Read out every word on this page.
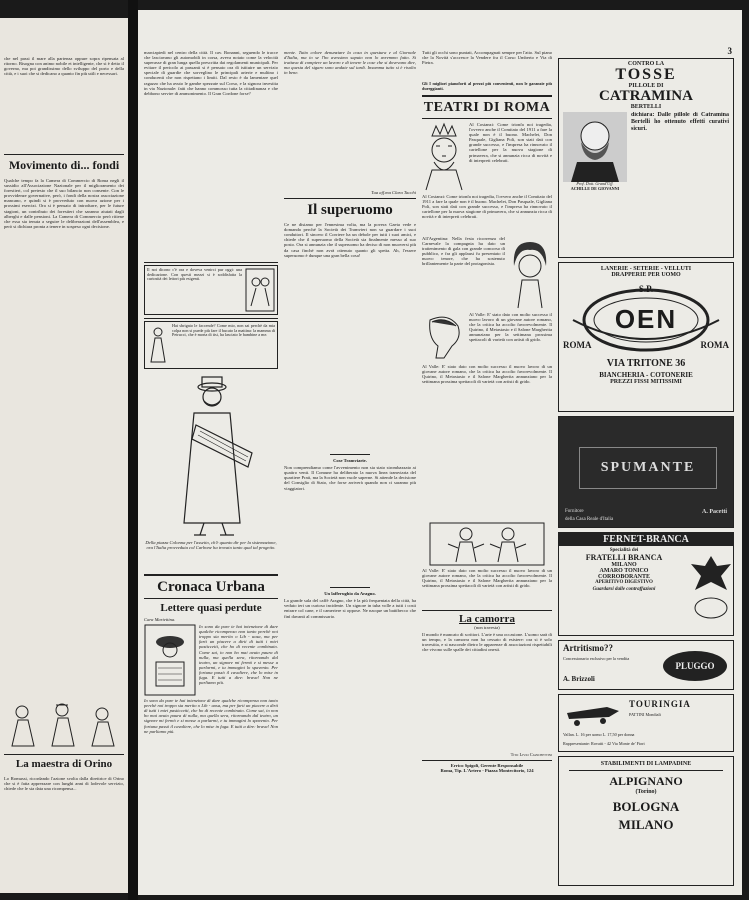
che nel passi il mare alla partenza oppure sopra ripensata al ritorno. Bisogna con animo nobile et intelligente, che si è detto il governo, ma poi grandissimo dello sviluppo del porto e della città, e i suoi che si dedicano a quanto fin più utili e necessari.
Movimento di... fondi
Qualche tempo fa la Camera di Commercio di Roma negli il sussidio all'Associazione Nazionale per il miglioramento dei forestieri, col pretesto che il suo bilancio non consente. Con le provvidenze governative, però, i fondi della nostra associazione mancano, e quindi si è provveduto con nuova azione per i prossimi esercizi. Ora si è pensato di introdurre, per le future stagioni, un contributo dei forestieri che saranno aiutati dagli alberghi e dalle pensioni. La Camera di Commercio però ritiene che essa sia tenuta a seguire le deliberazioni dell'assemblea, e però si dichiara pronta a tenere in sospeso ogni decisione.
La maestra di Orino
Lo Romussi, ricordando l'azione svolta dalla direttrice di Orino che si è fatta apprezzare con lunghi anni di lodevole servizio, chiede che le sia data una ricompensa...
3
marciapiedi nel centro della città. Il cav. Bonanni, seguendo le tracce che lasciavano gli automobili in corsa, aveva notato come la velocità superasse di gran lunga quella prescritta dai regolamenti municipali. Per evitare il pericolo ai passanti si è pensato ora di istituire un servizio speciale di guardie che sorveglino le principali arterie e multino i conducenti che non rispettano i limiti. Dal resto è da lamentare quel ragazzo che ha avuto le gambe spezzate sul Corso, e la signora investita in via Nazionale: fatti che hanno commosso tutta la cittadinanza e che debbono servire di ammonimento. Il Gran Cordone forse?
Il noi dicono c'è ora e doveva venirci pur oggi: una dedicazione. Con questi mezzi si è soddisfatta la curiosità dei lettori più esigenti.
Hai sbrigato le faccende? Come mio, non sai perchè da mia colpa non si puede più fare il bucato la mattina: la mamma di Petrucci, che è morta di tisi, ha lasciato le bambine a me.
Della piazza Colonna per l'assetto, ch'è quanto dir per la sistemazione, ora l'Italia provveduta col Carbone ha trovato tanto qual tal progetto.
Cronaca Urbana
Lettere quasi perdute
Cara Mariettina.
Io sono da pure te hai intenzione di dare qualche ricompenso non tanto perchè noi troppo sia merito o Lib - uosa, ma per farti un piacere a dirti di tutti i miei pasticcetti, che ho di recente combinato. Come sai, io non ho mai avuto paura di nulla, ma quella sera, ritornando dal teatro, un signore mi fermò e si messe a parlarmi, e tu immagini lo spavento. Per fortuna passò il cavaliere, che lo mise in fuga. E tutti a dire: brava! Non ne parliamo più.
Io sono da pure te hai intenzione di dare qualche ricompenso non tanto perchè noi troppo sia merito o Lib - uosa, ma per farti un piacere a dirti di tutti i miei pasticcetti, che ho di recente combinato. Come sai, io non ho mai avuto paura di nulla, ma quella sera, ritornando dal teatro, un signore mi fermò e si messe a parlarmi, e tu immagini lo spavento. Per fortuna passò il cavaliere, che lo mise in fuga. E tutti a dire: brava! Non ne parliamo più.
mente. Tutto colore denunziare la cosa in questura e al Giornale d'Italia, ma io se l'ho avessimo saputo non lo avremmo fatto. Si trattava di compiere un lavoro e di tenere le cose che si dovevano dire, ma questa del sigaro sono andate sul tardi. Insomma tutto si è risolto in bene.
Tua aff.ma Clara Tacchi
Il superuomo
Ce ne disiamo per l'ennesima volta, ma la povera Gaeta vede e domanda perché la Società dei Tramvieri non sa guardare i suoi conduttori. Il sincero il Corriere ha un debole per tutti i suoi amici, e chiede che il superuomo della Società sia finalmente messo al suo posto. Ora si annunzia che il superuomo ha deciso di non muoversi più da casa finché non avrà ottenuto quanto gli spetta. Ah, l'essere superuomo è dunque una gran bella cosa!
Cose Tramviarie.
Non comprendiamo come l'avvenimento non sia stato strombazzato ai quattro venti. Il Comune ha deliberato la nuova linea tramviaria del quartiere Prati, ma la Società non vuole saperne. Si attende la decisione del Consiglio di Stato, che forse arriverà quando non ci saranno più viaggiatori.
Un lafferughio da Aragno.
La grande sala del caffè Aragno, che è la più frequentata della città, ha veduto ieri un curioso incidente. Un signore in tuba volle a tutti i costi entrare col cane, e il cameriere si oppose. Ne nacque un battibecco che finì davanti al commissario.
Tutti gli occhi sono puntati, Accompagnati sempre per l'atto. Sul piano che la Novità s'accresce la Vendere fra il Corso Umberto e Via di Pietra.
Gli I migliori pianoforti al prezzi più convenienti, non le garanzie più dureggianti.
TEATRI DI ROMA
Al Costanzi: Come trionfa noi tragedia, l'ovvero anche il Comitato del 1911 a fare la quale non è il buono. Machelet, Don Pasquale, Gigliana Poli, son stati dati con grande successo, e l'impresa ha rinnovato il cartellone per la nuova stagione di primavera, che si annunzia ricca di novità e di interpreti celebrati.
Al Costanzi: Come trionfa noi tragedia, l'ovvero anche il Comitato del 1911 a fare la quale non è il buono. Machelet, Don Pasquale, Gigliana Poli, son stati dati con grande successo, e l'impresa ha rinnovato il cartellone per la nuova stagione di primavera, che si annunzia ricca di novità e di interpreti celebrati.
All'Argentina: Nella festa ricorrenza del Carnevale la compagnia ha dato un trattenimento di gala con grande concorso di pubblico, e fra gli applausi fu presentato il nuovo tenore, che ha sostenuto brillantemente la parte del protagonista.
Al Valle: E' stato dato con molto successo il nuovo lavoro di un giovane autore romano, che la critica ha accolto favorevolmente. Il Quirino, il Metastasio e il Salone Margherita annunziano per la settimana prossima spettacoli di varietà con artisti di grido.
Al Valle: E' stato dato con molto successo il nuovo lavoro di un giovane autore romano, che la critica ha accolto favorevolmente. Il Quirino, il Metastasio e il Salone Margherita annunziano per la settimana prossima spettacoli di varietà con artisti di grido.
Al Valle: E' stato dato con molto successo il nuovo lavoro di un giovane autore romano, che la critica ha accolto favorevolmente. Il Quirino, il Metastasio e il Salone Margherita annunziano per la settimana prossima spettacoli di varietà con artisti di grido.
La camorra
(non travesta)
Il mondo è mancato di scrittori. L'arte è una occasione. L'uomo sarà di un tempo, e la camorra non ha cessato di esistere: ora si è solo travestita, e si nasconde dietro le apparenze di associazioni rispettabili che vivono sulle spalle dei cittadini onesti.
Tito Livio Cianchettini
Errico Spigoli, Gerente Responsabile
Roma, Tip. L'Artero - Piazza Montecitorio, 124
CONTRO LA
TOSSE
PILLOLE DI
CATRAMINA
BERTELLI
Prof. Dott. Grand'Uff.
ACHILLE DE GIOVANNI
dichiara: Dalle pillole di Catramina Bertelli ho ottenuto effetti curativi sicuri.
LANERIE - SETERIE - VELLUTI
DRAPPERIE PER UOMO
S.P.
OEN
ROMA	ROMA
VIA TRITONE 36
BIANCHERIA - COTONERIE
PREZZI FISSI MITISSIMI
SPUMANTE
Fornitore	A. Pacetti
della Casa Reale d'Italia
FERNET-BRANCA
Specialità dei
FRATELLI BRANCA
MILANO
AMARO TONICO
CORROBORANTE
APERITIVO DIGESTIVO
Guardarsi dalle contraffazioni
Artritismo??
Concessionario esclusivo per la vendita
A. Brizzoli
PLUGGO
TOURINGIA
PATTINI Mondiali
Vallan. L. 16 per uomo L. 17,50 per donna
Rappresentante: Rovatti - 42 Via Monte de' Fiori
STABILIMENTI DI LAMPADINE
ALPIGNANO
(Torino)
BOLOGNA
MILANO
